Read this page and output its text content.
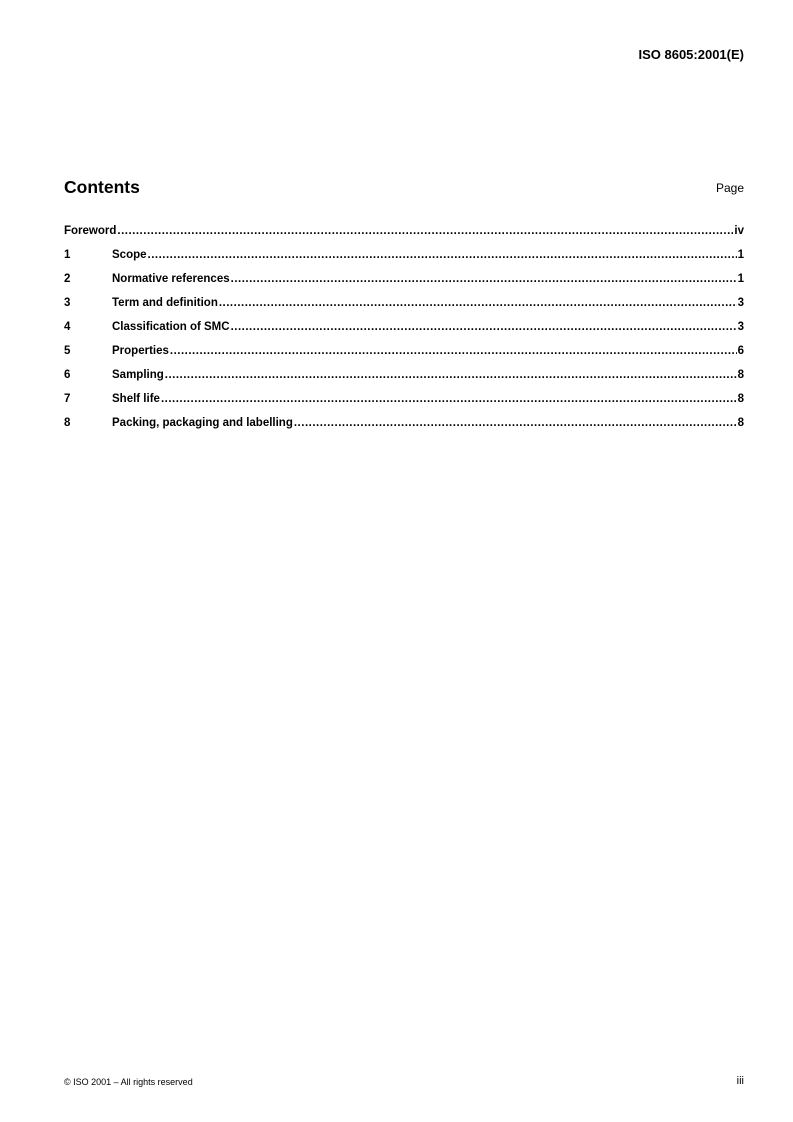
ISO 8605:2001(E)
Contents	Page
Foreword .....	iv
1	Scope .....	1
2	Normative references .....	1
3	Term and definition .....	3
4	Classification of SMC .....	3
5	Properties .....	6
6	Sampling .....	8
7	Shelf life .....	8
8	Packing, packaging and labelling .....	8
© ISO 2001 – All rights reserved	iii
